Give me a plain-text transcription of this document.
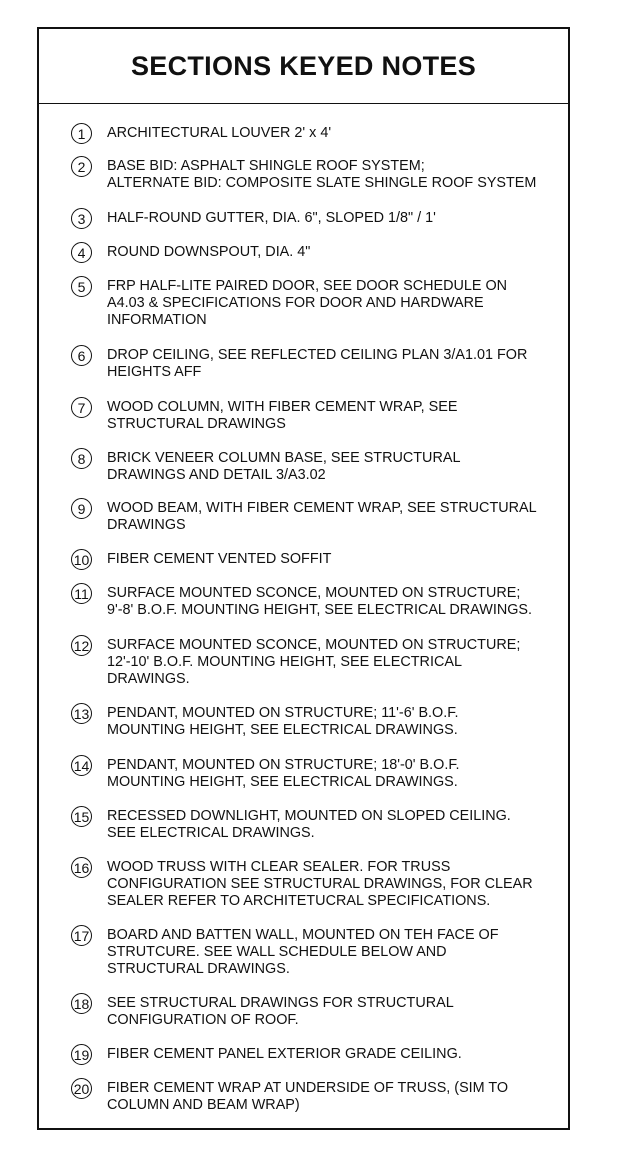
SECTIONS KEYED NOTES
1	ARCHITECTURAL LOUVER 2' x 4'
2	BASE BID: ASPHALT SHINGLE ROOF SYSTEM;
ALTERNATE BID: COMPOSITE SLATE SHINGLE ROOF SYSTEM
3	HALF-ROUND GUTTER, DIA. 6", SLOPED 1/8" / 1'
4	ROUND DOWNSPOUT, DIA. 4"
5	FRP HALF-LITE PAIRED DOOR, SEE DOOR SCHEDULE ON
A4.03 & SPECIFICATIONS FOR DOOR AND HARDWARE
INFORMATION
6	DROP CEILING, SEE REFLECTED CEILING PLAN 3/A1.01 FOR
HEIGHTS AFF
7	WOOD COLUMN, WITH FIBER CEMENT WRAP, SEE
STRUCTURAL DRAWINGS
8	BRICK VENEER COLUMN BASE, SEE STRUCTURAL
DRAWINGS AND DETAIL 3/A3.02
9	WOOD BEAM, WITH FIBER CEMENT WRAP, SEE STRUCTURAL
DRAWINGS
10 FIBER CEMENT VENTED SOFFIT
11 SURFACE MOUNTED SCONCE, MOUNTED ON STRUCTURE;
9'-8' B.O.F. MOUNTING HEIGHT, SEE ELECTRICAL DRAWINGS.
12 SURFACE MOUNTED SCONCE, MOUNTED ON STRUCTURE;
12'-10' B.O.F. MOUNTING HEIGHT, SEE ELECTRICAL
DRAWINGS.
13 PENDANT, MOUNTED ON STRUCTURE; 11'-6' B.O.F.
MOUNTING HEIGHT, SEE ELECTRICAL DRAWINGS.
14 PENDANT, MOUNTED ON STRUCTURE; 18'-0' B.O.F.
MOUNTING HEIGHT, SEE ELECTRICAL DRAWINGS.
15 RECESSED DOWNLIGHT, MOUNTED ON SLOPED CEILING.
SEE ELECTRICAL DRAWINGS.
16 WOOD TRUSS WITH CLEAR SEALER. FOR TRUSS
CONFIGURATION SEE STRUCTURAL DRAWINGS, FOR CLEAR
SEALER REFER TO ARCHITETUCRAL SPECIFICATIONS.
17 BOARD AND BATTEN WALL, MOUNTED ON TEH FACE OF
STRUTCURE. SEE WALL SCHEDULE BELOW AND
STRUCTURAL DRAWINGS.
18 SEE STRUCTURAL DRAWINGS FOR STRUCTURAL
CONFIGURATION OF ROOF.
19 FIBER CEMENT PANEL EXTERIOR GRADE CEILING.
20 FIBER CEMENT WRAP AT UNDERSIDE OF TRUSS, (SIM TO
COLUMN AND BEAM WRAP)
